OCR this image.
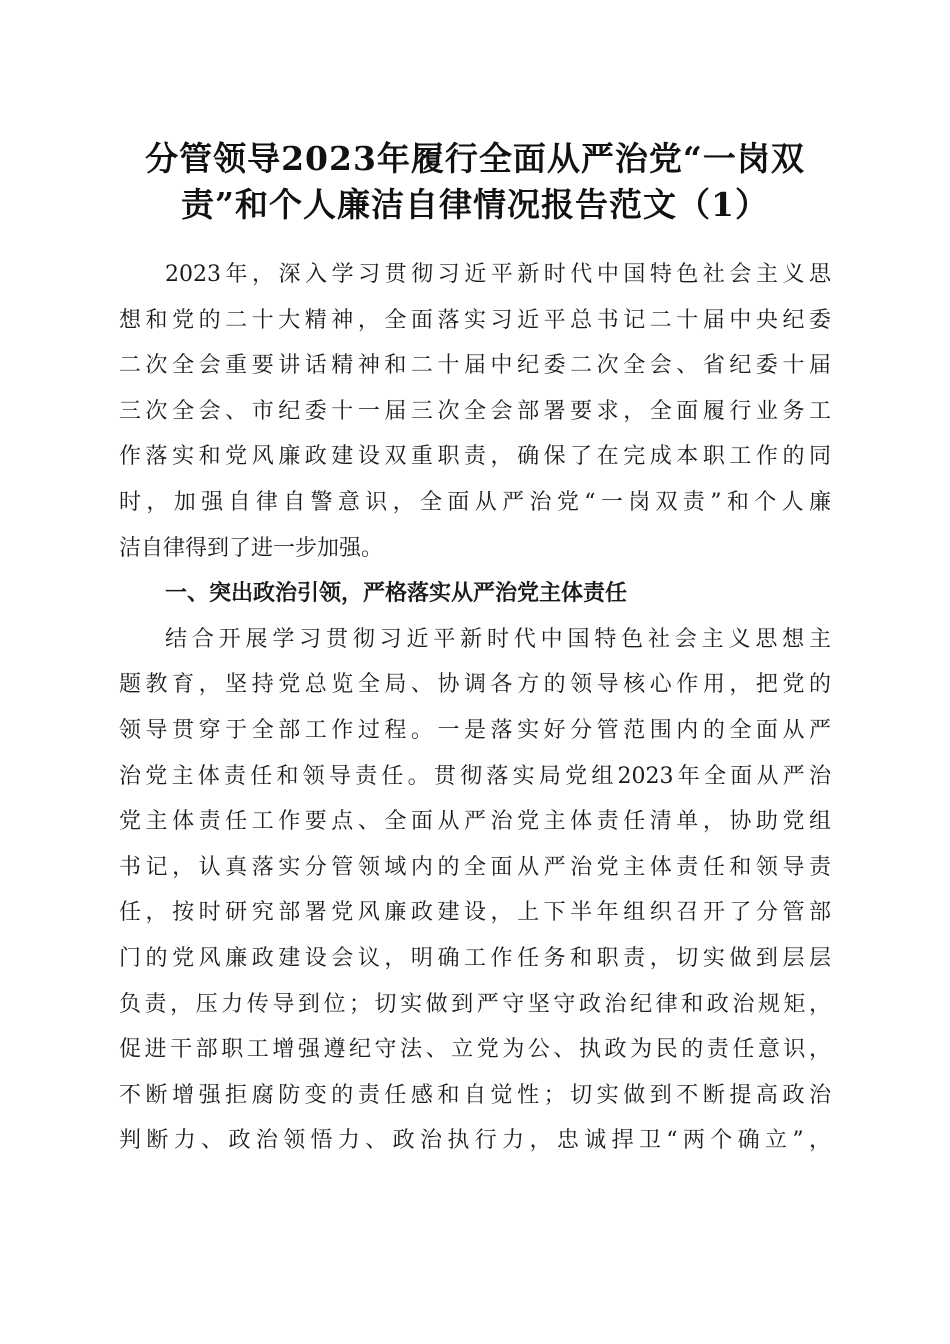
分管领导2023年履行全面从严治党“一岗双
责”和个人廉洁自律情况报告范文（1）
2023年，深入学习贯彻习近平新时代中国特色社会主义思
想和党的二十大精神，全面落实习近平总书记二十届中央纪委
二次全会重要讲话精神和二十届中纪委二次全会、省纪委十届
三次全会、市纪委十一届三次全会部署要求，全面履行业务工
作落实和党风廉政建设双重职责，确保了在完成本职工作的同
时，加强自律自警意识，全面从严治党“一岗双责”和个人廉
洁自律得到了进一步加强。
一、突出政治引领，严格落实从严治党主体责任
结合开展学习贯彻习近平新时代中国特色社会主义思想主
题教育，坚持党总览全局、协调各方的领导核心作用，把党的
领导贯穿于全部工作过程。一是落实好分管范围内的全面从严
治党主体责任和领导责任。贯彻落实局党组2023年全面从严治
党主体责任工作要点、全面从严治党主体责任清单，协助党组
书记，认真落实分管领域内的全面从严治党主体责任和领导责
任，按时研究部署党风廉政建设，上下半年组织召开了分管部
门的党风廉政建设会议，明确工作任务和职责，切实做到层层
负责，压力传导到位；切实做到严守坚守政治纪律和政治规矩，
促进干部职工增强遵纪守法、立党为公、执政为民的责任意识，
不断增强拒腐防变的责任感和自觉性；切实做到不断提高政治
判断力、政治领悟力、政治执行力，忠诚捍卫“两个确立”，
